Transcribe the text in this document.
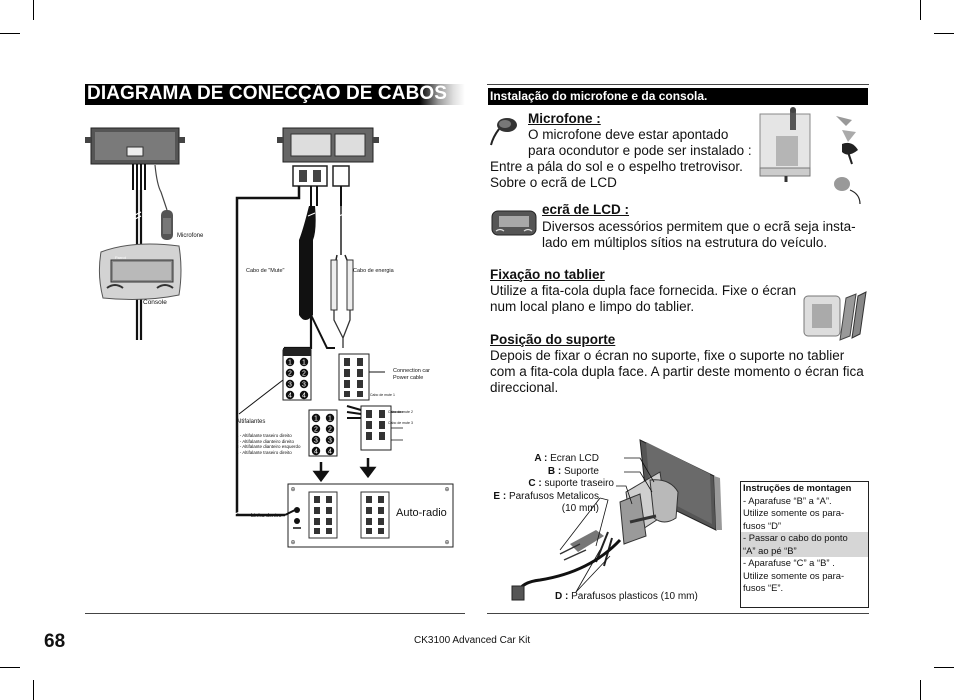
DIAGRAMA DE CONECÇÃO DE CABOS	Instalação do microfone e da consola.
1 1
2 2
3 3
4 4
1 1
2 2
3 3
4
4
⊕	⊕
⊕	⊕
Microfone
Console
Parrot
Cabo de "Mute"	Cabo de energia
Connection car
Power cable
Cabo de mute 1
Cabo de mute 2
Cabo de mute 3
Altifalantes
1 - Altifalante traseiro direito
2 - Altifalante dianteiro direito
3 - Altifalante dianteiro esquerdo
4 - Altifalante traseiro direito
Linha dentro	Auto-radio
Microfone :
O microfone deve estar apontado
para ocondutor e pode ser instalado :
Entre a pála do sol e o espelho tretrovisor.
Sobre o ecrã de LCD
ecrã de LCD :
Diversos acessórios permitem que o ecrã seja insta-
lado em múltiplos sítios na estrutura do veículo.
Fixação no tablier
Utilize a fita-cola dupla face fornecida. Fixe o écran
num local plano e limpo do tablier.
Posição do suporte
Depois de fixar o écran no suporte, fixe o suporte no tablier
com a fita-cola dupla face. A partir deste momento o écran fica
direccional.
A : Ecran LCD
B : Suporte
C : suporte traseiro
E : Parafusos Metalicos
(10 mm)
D : Parafusos plasticos (10 mm)
Instruções de montagen
- Aparafuse “B” a “A”.
Utilize somente os para-
fusos “D”
- Passar o cabo do ponto
“A” ao pé “B”
- Aparafuse “C” a “B” .
Utilize somente os para-
fusos “E”.
68	CK3100 Advanced Car Kit
